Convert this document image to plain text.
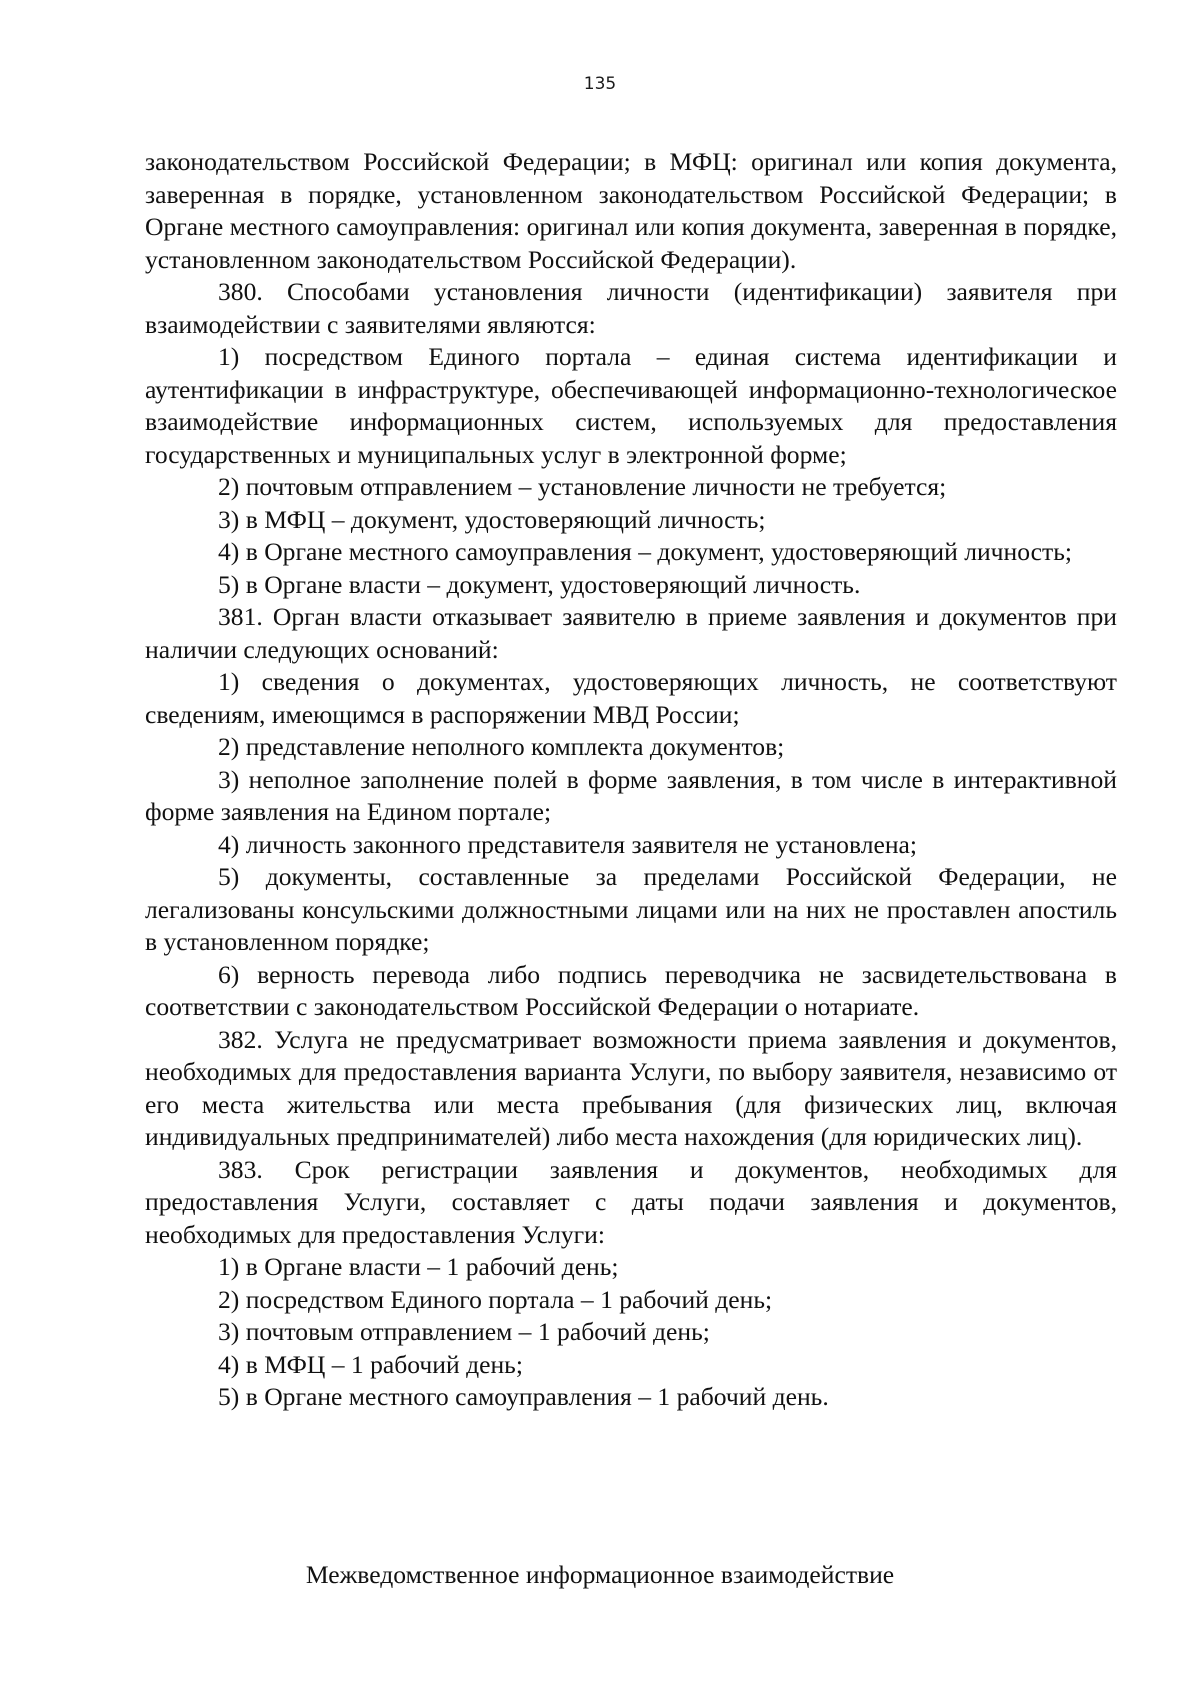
135

законодательством Российской Федерации; в МФЦ: оригинал или копия документа, заверенная в порядке, установленном законодательством Российской Федерации; в Органе местного самоуправления: оригинал или копия документа, заверенная в порядке, установленном законодательством Российской Федерации).

380. Способами установления личности (идентификации) заявителя при взаимодействии с заявителями являются:

1) посредством Единого портала – единая система идентификации и аутентификации в инфраструктуре, обеспечивающей информационно-технологическое взаимодействие информационных систем, используемых для предоставления государственных и муниципальных услуг в электронной форме;

2) почтовым отправлением – установление личности не требуется;

3) в МФЦ – документ, удостоверяющий личность;

4) в Органе местного самоуправления – документ, удостоверяющий личность;

5) в Органе власти – документ, удостоверяющий личность.

381. Орган власти отказывает заявителю в приеме заявления и документов при наличии следующих оснований:

1) сведения о документах, удостоверяющих личность, не соответствуют сведениям, имеющимся в распоряжении МВД России;

2) представление неполного комплекта документов;

3) неполное заполнение полей в форме заявления, в том числе в интерактивной форме заявления на Едином портале;

4) личность законного представителя заявителя не установлена;

5) документы, составленные за пределами Российской Федерации, не легализованы консульскими должностными лицами или на них не проставлен апостиль в установленном порядке;

6) верность перевода либо подпись переводчика не засвидетельствована в соответствии с законодательством Российской Федерации о нотариате.

382. Услуга не предусматривает возможности приема заявления и документов, необходимых для предоставления варианта Услуги, по выбору заявителя, независимо от его места жительства или места пребывания (для физических лиц, включая индивидуальных предпринимателей) либо места нахождения (для юридических лиц).

383. Срок регистрации заявления и документов, необходимых для предоставления Услуги, составляет с даты подачи заявления и документов, необходимых для предоставления Услуги:

1) в Органе власти – 1 рабочий день;

2) посредством Единого портала – 1 рабочий день;

3) почтовым отправлением – 1 рабочий день;

4) в МФЦ – 1 рабочий день;

5) в Органе местного самоуправления – 1 рабочий день.

Межведомственное информационное взаимодействие
